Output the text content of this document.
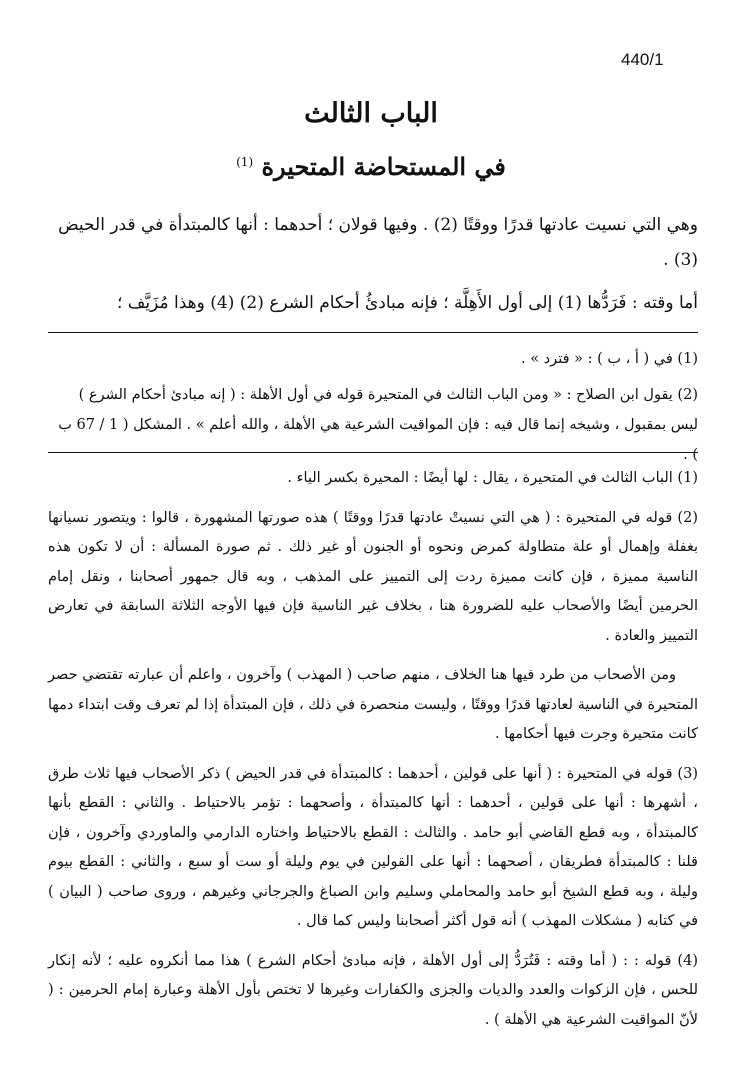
440/1
الباب الثالث
في المستحاضة المتحيرة $^{(1)}$

وهي التي نسيت عادتها قدرًا ووقتًا (2) . وفيها قولان ؛ أحدهما : أنها كالمبتدأة في قدر الحيض (3) .

أما وقته : فَرَدُّها (1) إلى أول الأَهِلَّة ؛ فإنه مبادئُ أحكام الشرع (2) (4) وهذا مُزَيَّف ؛

(1) في ( أ ، ب ) : « فترد » .

(2) يقول ابن الصلاح : « ومن الباب الثالث في المتحيرة قوله في أول الأهلة : ( إنه مبادئ أحكام الشرع ) ليس بمقبول ، وشيخه إنما قال فيه : فإن المواقيت الشرعية هي الأهلة ، والله أعلم » . المشكل ( 1 / 67 ب ) .

(1) الباب الثالث في المتحيرة ، يقال : لها أيضًا : المحيرة بكسر الياء .

(2) قوله في المتحيرة : ( هي التي نسيتْ عادتها قدرًا ووقتًا ) هذه صورتها المشهورة ، قالوا : ويتصور نسيانها بغفلة وإهمال أو علة متطاولة كمرض ونحوه أو الجنون أو غير ذلك . ثم صورة المسألة : أن لا تكون هذه الناسية مميزة ، فإن كانت مميزة ردت إلى التمييز على المذهب ، وبه قال جمهور أصحابنا ، ونقل إمام الحرمين أيضًا والأصحاب عليه للضرورة هنا ، بخلاف غير الناسية فإن فيها الأوجه الثلاثة السابقة في تعارض التمييز والعادة .

ومن الأصحاب من طرد فيها هنا الخلاف ، منهم صاحب ( المهذب ) وآخرون ، واعلم أن عبارته تقتضي حصر المتحيرة في الناسية لعادتها قدرًا ووقتًا ، وليست منحصرة في ذلك ، فإن المبتدأة إذا لم تعرف وقت ابتداء دمها كانت متحيرة وجرت فيها أحكامها .

(3) قوله في المتحيرة : ( أنها على قولين ، أحدهما : كالمبتدأة في قدر الحيض ) ذكر الأصحاب فيها ثلاث طرق ، أشهرها : أنها على قولين ، أحدهما : أنها كالمبتدأة ، وأصحهما : تؤمر بالاحتياط . والثاني : القطع بأنها كالمبتدأة ، وبه قطع القاضي أبو حامد . والثالث : القطع بالاحتياط واختاره الدارمي والماوردي وآخرون ، فإن قلنا : كالمبتدأة فطريقان ، أصحهما : أنها على القولين في يوم وليلة أو ست أو سبع ، والثاني : القطع بيوم وليلة ، وبه قطع الشيخ أبو حامد والمحاملي وسليم وابن الصباغ والجرجاني وغيرهم ، وروى صاحب ( البيان ) في كتابه ( مشكلات المهذب ) أنه قول أكثر أصحابنا وليس كما قال .

(4) قوله : : ( أما وقته : فَتُرَدُّ إلى أول الأهلة ، فإنه مبادئ أحكام الشرع ) هذا مما أنكروه عليه ؛ لأنه إنكار للحس ، فإن الزكوات والعدد والديات والجزى والكفارات وغيرها لا تختص بأول الأهلة وعبارة إمام الحرمين : ( لأنّ المواقيت الشرعية هي الأهلة ) .
